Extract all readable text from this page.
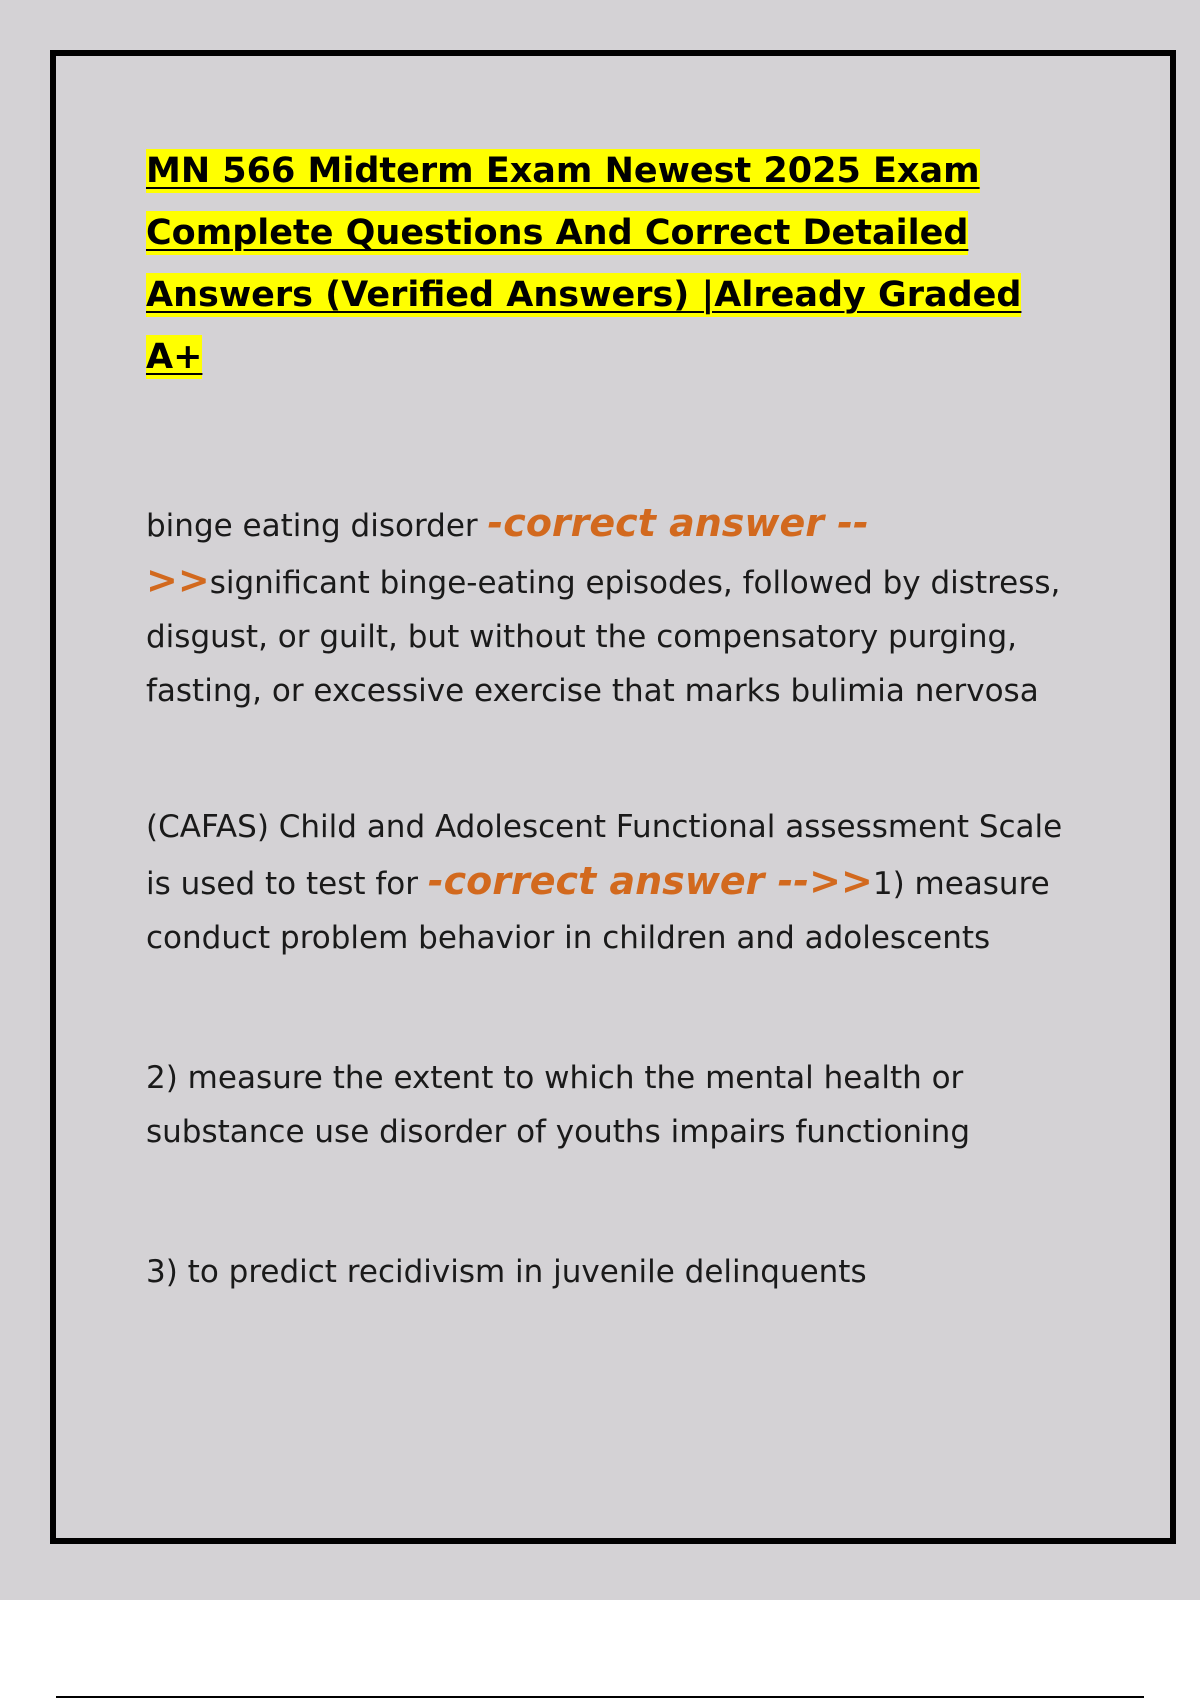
MN 566 Midterm Exam Newest 2025 Exam Complete Questions And Correct Detailed Answers (Verified Answers) |Already Graded A+

binge eating disorder -correct answer -->>significant binge-eating episodes, followed by distress, disgust, or guilt, but without the compensatory purging, fasting, or excessive exercise that marks bulimia nervosa

(CAFAS) Child and Adolescent Functional assessment Scale is used to test for -correct answer -->>1) measure conduct problem behavior in children and adolescents

2) measure the extent to which the mental health or substance use disorder of youths impairs functioning

3) to predict recidivism in juvenile delinquents
